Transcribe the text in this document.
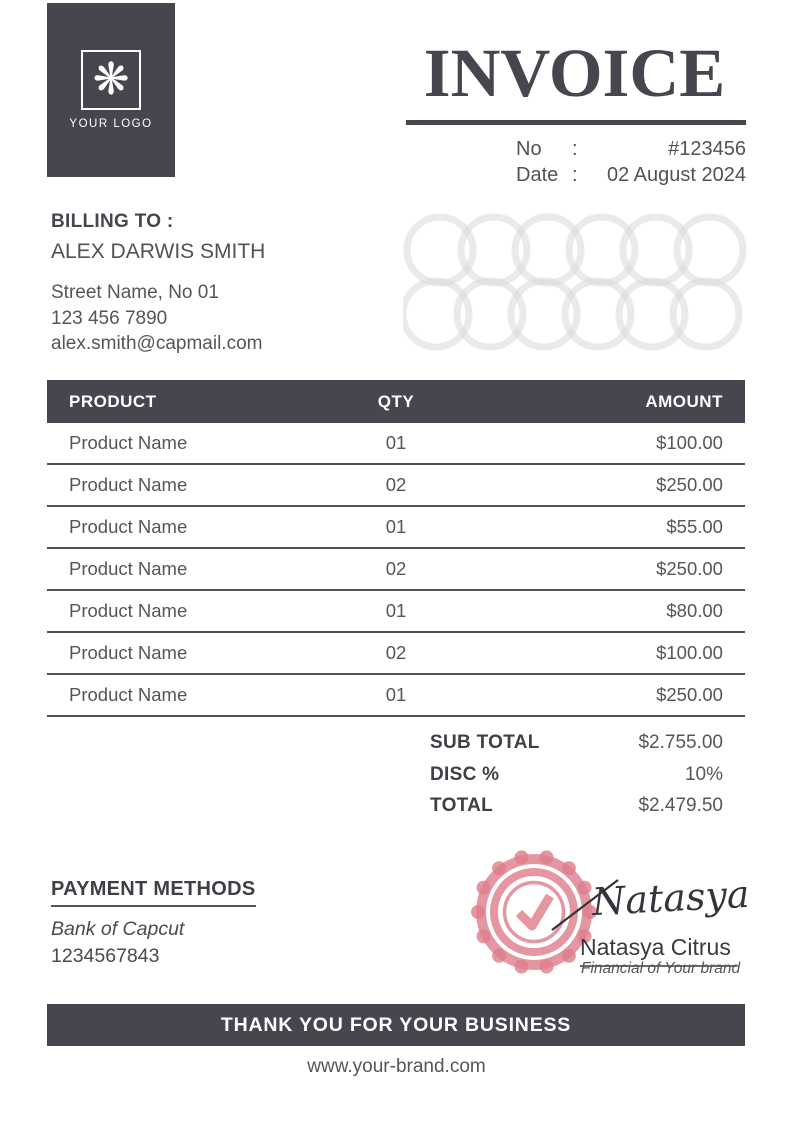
❋
YOUR LOGO
INVOICE
No	:	#123456
Date :	02 August 2024
BILLING TO :
ALEX DARWIS SMITH
Street Name, No 01
123 456 7890
alex.smith@capmail.com
PRODUCT	QTY	AMOUNT
Product Name	01	$100.00
Product Name	02	$250.00
Product Name	01	$55.00
Product Name	02	$250.00
Product Name	01	$80.00
Product Name	02	$100.00
Product Name	01	$250.00
SUB TOTAL	$2.755.00
DISC %	10%
TOTAL	$2.479.50
PAYMENT METHODS
Bank of Capcut
1234567843
Natasya
Natasya Citrus
Financial of Your brand
THANK YOU FOR YOUR BUSINESS
www.your-brand.com
